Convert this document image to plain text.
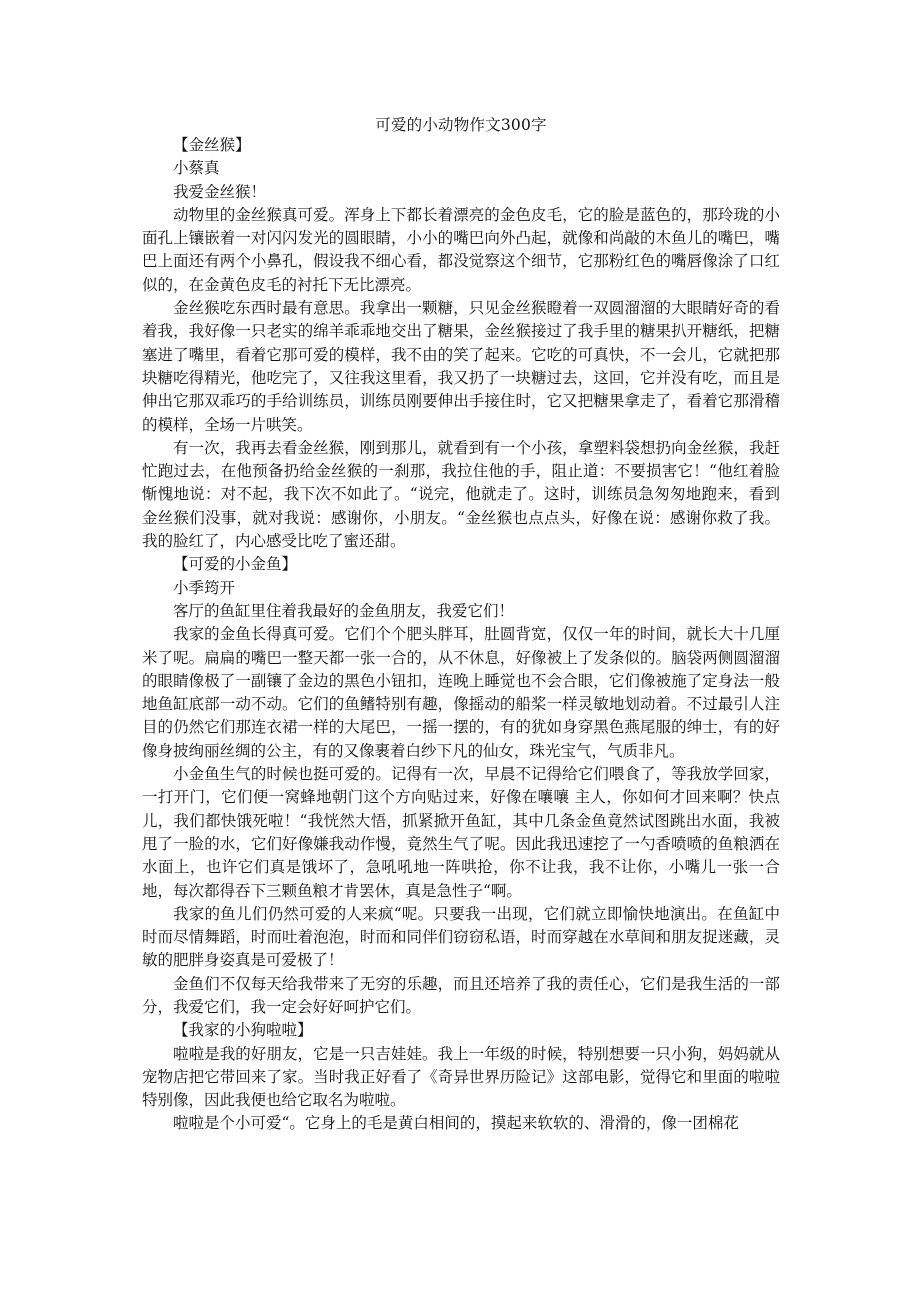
可爱的小动物作文300字

【金丝猴】

小蔡真

我爱金丝猴！

动物里的金丝猴真可爱。浑身上下都长着漂亮的金色皮毛，它的脸是蓝色的，那玲珑的小面孔上镶嵌着一对闪闪发光的圆眼睛，小小的嘴巴向外凸起，就像和尚敲的木鱼儿的嘴巴，嘴巴上面还有两个小鼻孔，假设我不细心看，都没觉察这个细节，它那粉红色的嘴唇像涂了口红似的，在金黄色皮毛的衬托下无比漂亮。

金丝猴吃东西时最有意思。我拿出一颗糖，只见金丝猴瞪着一双圆溜溜的大眼睛好奇的看着我，我好像一只老实的绵羊乖乖地交出了糖果，金丝猴接过了我手里的糖果扒开糖纸，把糖塞进了嘴里，看着它那可爱的模样，我不由的笑了起来。它吃的可真快，不一会儿，它就把那块糖吃得精光，他吃完了，又往我这里看，我又扔了一块糖过去，这回，它并没有吃，而且是伸出它那双乖巧的手给训练员，训练员刚要伸出手接住时，它又把糖果拿走了，看着它那滑稽的模样，全场一片哄笑。

有一次，我再去看金丝猴，刚到那儿，就看到有一个小孩，拿塑料袋想扔向金丝猴，我赶忙跑过去，在他预备扔给金丝猴的一刹那，我拉住他的手，阻止道：不要损害它！“他红着脸惭愧地说：对不起，我下次不如此了。“说完，他就走了。这时，训练员急匆匆地跑来，看到金丝猴们没事，就对我说：感谢你，小朋友。“金丝猴也点点头，好像在说：感谢你救了我。我的脸红了，内心感受比吃了蜜还甜。

【可爱的小金鱼】

小季筠开

客厅的鱼缸里住着我最好的金鱼朋友，我爱它们！

我家的金鱼长得真可爱。它们个个肥头胖耳，肚圆背宽，仅仅一年的时间，就长大十几厘米了呢。扁扁的嘴巴一整天都一张一合的，从不休息，好像被上了发条似的。脑袋两侧圆溜溜的眼睛像极了一副镶了金边的黑色小钮扣，连晚上睡觉也不会合眼，它们像被施了定身法一般地鱼缸底部一动不动。它们的鱼鳍特别有趣，像摇动的船桨一样灵敏地划动着。不过最引人注目的仍然它们那连衣裙一样的大尾巴，一摇一摆的，有的犹如身穿黑色燕尾服的绅士，有的好像身披绚丽丝绸的公主，有的又像裹着白纱下凡的仙女，珠光宝气，气质非凡。

小金鱼生气的时候也挺可爱的。记得有一次，早晨不记得给它们喂食了，等我放学回家，一打开门，它们便一窝蜂地朝门这个方向贴过来，好像在嚷嚷 主人，你如何才回来啊？快点儿，我们都快饿死啦！“我恍然大悟，抓紧掀开鱼缸，其中几条金鱼竟然试图跳出水面，我被甩了一脸的水，它们好像嫌我动作慢，竟然生气了呢。因此我迅速挖了一勺香喷喷的鱼粮洒在水面上，也许它们真是饿坏了，急吼吼地一阵哄抢，你不让我，我不让你，小嘴儿一张一合地，每次都得吞下三颗鱼粮才肯罢休，真是急性子“啊。

我家的鱼儿们仍然可爱的人来疯“呢。只要我一出现，它们就立即愉快地演出。在鱼缸中时而尽情舞蹈，时而吐着泡泡，时而和同伴们窃窃私语，时而穿越在水草间和朋友捉迷藏，灵敏的肥胖身姿真是可爱极了！

金鱼们不仅每天给我带来了无穷的乐趣，而且还培养了我的责任心，它们是我生活的一部分，我爱它们，我一定会好好呵护它们。

【我家的小狗啦啦】

啦啦是我的好朋友，它是一只吉娃娃。我上一年级的时候，特别想要一只小狗，妈妈就从宠物店把它带回来了家。当时我正好看了《奇异世界历险记》这部电影，觉得它和里面的啦啦特别像，因此我便也给它取名为啦啦。

啦啦是个小可爱“。它身上的毛是黄白相间的，摸起来软软的、滑滑的，像一团棉花
